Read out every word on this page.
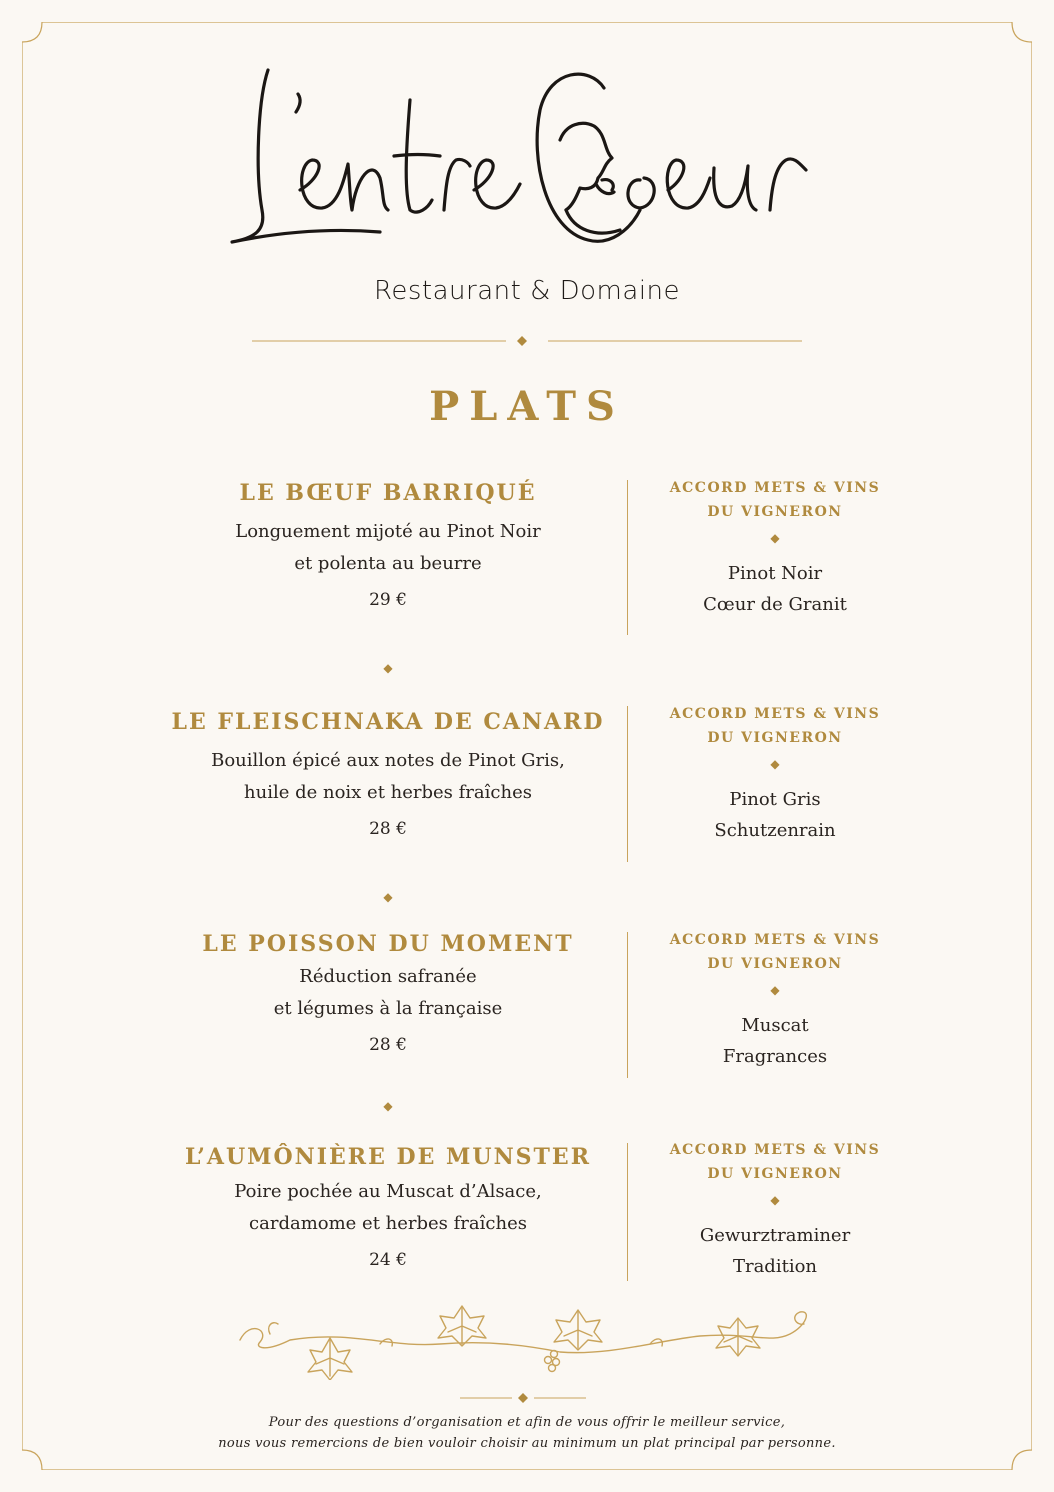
Restaurant & Domaine
PLATS
LE BŒUF BARRIQUÉ
Longuement mijoté au Pinot Noir
et polenta au beurre
29 €
ACCORD METS & VINS
DU VIGNERON
◆
Pinot Noir
Cœur de Granit
◆
LE FLEISCHNAKA DE CANARD
Bouillon épicé aux notes de Pinot Gris,
huile de noix et herbes fraîches
28 €
ACCORD METS & VINS
DU VIGNERON
◆
Pinot Gris
Schutzenrain
◆
LE POISSON DU MOMENT
Réduction safranée
et légumes à la française
28 €
ACCORD METS & VINS
DU VIGNERON
◆
Muscat
Fragrances
◆
L’AUMÔNIÈRE DE MUNSTER
Poire pochée au Muscat d’Alsace,
cardamome et herbes fraîches
24 €
ACCORD METS & VINS
DU VIGNERON
◆
Gewurztraminer
Tradition
Pour des questions d’organisation et afin de vous offrir le meilleur service,
nous vous remercions de bien vouloir choisir au minimum un plat principal par personne.
